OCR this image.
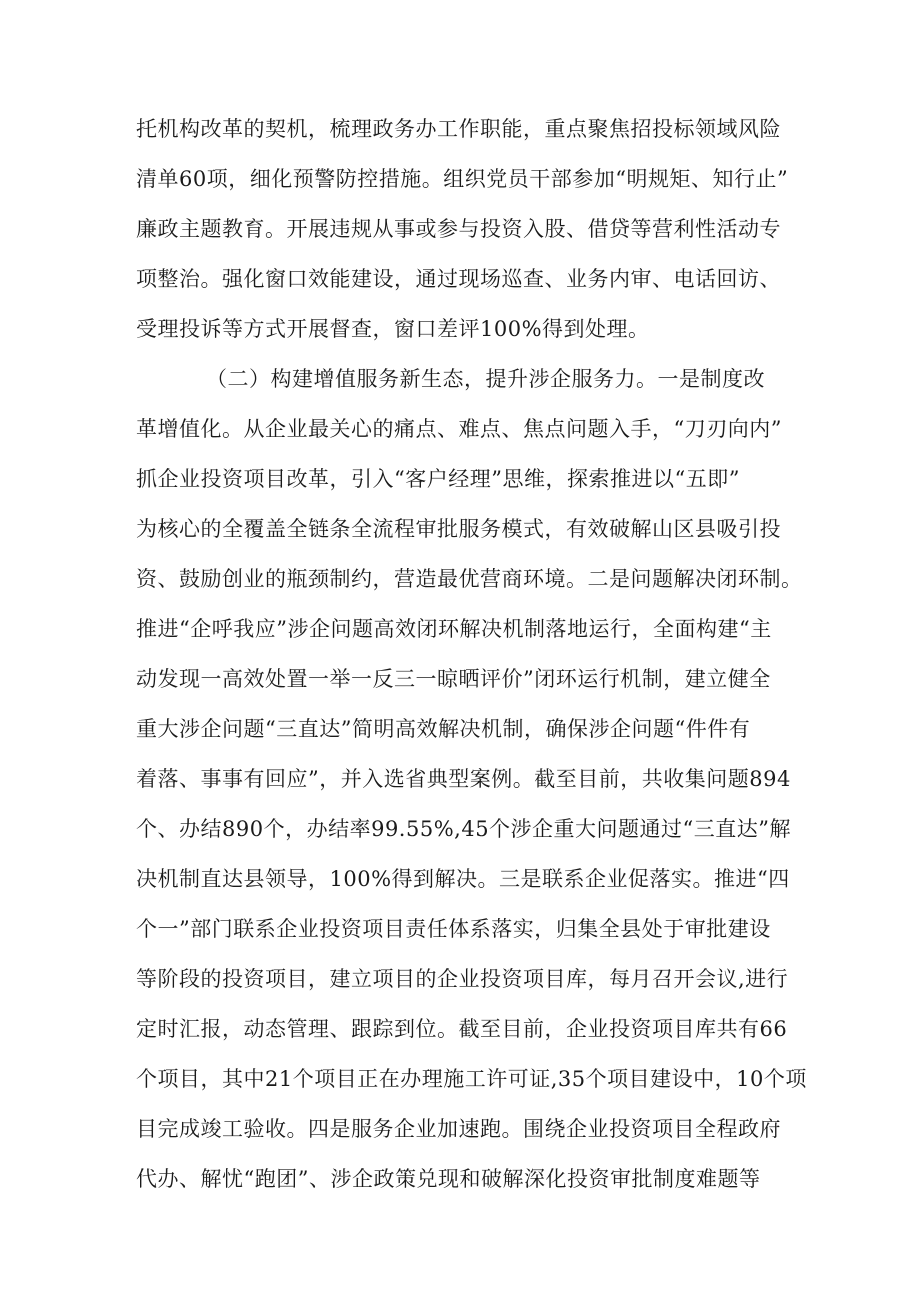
托机构改革的契机，梳理政务办工作职能，重点聚焦招投标领域风险
清单60项，细化预警防控措施。组织党员干部参加“明规矩、知行止”
廉政主题教育。开展违规从事或参与投资入股、借贷等营利性活动专
项整治。强化窗口效能建设，通过现场巡查、业务内审、电话回访、
受理投诉等方式开展督查，窗口差评100%得到处理。
（二）构建增值服务新生态，提升涉企服务力。一是制度改
革增值化。从企业最关心的痛点、难点、焦点问题入手，“刀刃向内”
抓企业投资项目改革，引入“客户经理”思维，探索推进以“五即”
为核心的全覆盖全链条全流程审批服务模式，有效破解山区县吸引投
资、鼓励创业的瓶颈制约，营造最优营商环境。二是问题解决闭环制。
推进“企呼我应”涉企问题高效闭环解决机制落地运行，全面构建“主
动发现一高效处置一举一反三一晾晒评价”闭环运行机制，建立健全
重大涉企问题“三直达”简明高效解决机制，确保涉企问题“件件有
着落、事事有回应”，并入选省典型案例。截至目前，共收集问题894
个、办结890个，办结率99.55%,45个涉企重大问题通过“三直达”解
决机制直达县领导，100%得到解决。三是联系企业促落实。推进“四
个一”部门联系企业投资项目责任体系落实，归集全县处于审批建设
等阶段的投资项目，建立项目的企业投资项目库，每月召开会议,进行
定时汇报，动态管理、跟踪到位。截至目前，企业投资项目库共有66
个项目，其中21个项目正在办理施工许可证,35个项目建设中，10个项
目完成竣工验收。四是服务企业加速跑。围绕企业投资项目全程政府
代办、解忧“跑团”、涉企政策兑现和破解深化投资审批制度难题等
